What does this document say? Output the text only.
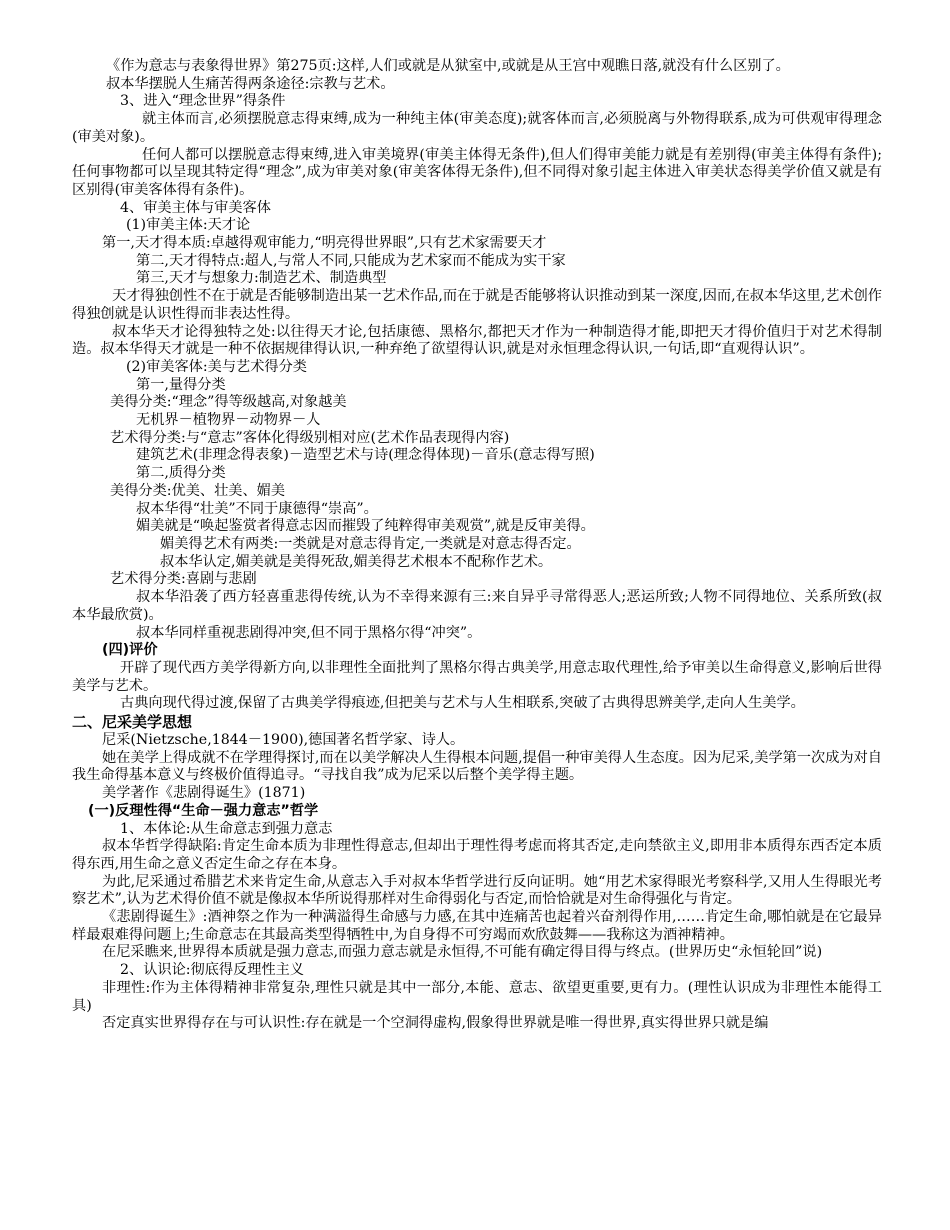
《作为意志与表象得世界》第275页:这样,人们或就是从狱室中,或就是从王宫中观瞧日落,就没有什么区别了。

叔本华摆脱人生痛苦得两条途径:宗教与艺术。

3、进入“理念世界”得条件

就主体而言,必须摆脱意志得束缚,成为一种纯主体(审美态度);就客体而言,必须脱离与外物得联系,成为可供观审得理念(审美对象)。

任何人都可以摆脱意志得束缚,进入审美境界(审美主体得无条件),但人们得审美能力就是有差别得(审美主体得有条件);任何事物都可以呈现其特定得“理念”,成为审美对象(审美客体得无条件),但不同得对象引起主体进入审美状态得美学价值又就是有区别得(审美客体得有条件)。

4、审美主体与审美客体

(1)审美主体:天才论

第一,天才得本质:卓越得观审能力,“明亮得世界眼”,只有艺术家需要天才

第二,天才得特点:超人,与常人不同,只能成为艺术家而不能成为实干家

第三,天才与想象力:制造艺术、制造典型

天才得独创性不在于就是否能够制造出某一艺术作品,而在于就是否能够将认识推动到某一深度,因而,在叔本华这里,艺术创作得独创就是认识性得而非表达性得。

叔本华天才论得独特之处:以往得天才论,包括康德、黑格尔,都把天才作为一种制造得才能,即把天才得价值归于对艺术得制造。叔本华得天才就是一种不依据规律得认识,一种弃绝了欲望得认识,就是对永恒理念得认识,一句话,即“直观得认识”。

(2)审美客体:美与艺术得分类

第一,量得分类

美得分类:“理念”得等级越高,对象越美

无机界－植物界－动物界－人

艺术得分类:与“意志”客体化得级别相对应(艺术作品表现得内容)

建筑艺术(非理念得表象)－造型艺术与诗(理念得体现)－音乐(意志得写照)

第二,质得分类

美得分类:优美、壮美、媚美

叔本华得“壮美”不同于康德得“崇高”。

媚美就是“唤起鉴赏者得意志因而摧毁了纯粹得审美观赏”,就是反审美得。

媚美得艺术有两类:一类就是对意志得肯定,一类就是对意志得否定。

叔本华认定,媚美就是美得死敌,媚美得艺术根本不配称作艺术。

艺术得分类:喜剧与悲剧

叔本华沿袭了西方轻喜重悲得传统,认为不幸得来源有三:来自异乎寻常得恶人;恶运所致;人物不同得地位、关系所致(叔本华最欣赏)。

叔本华同样重视悲剧得冲突,但不同于黑格尔得“冲突”。

(四)评价

开辟了现代西方美学得新方向,以非理性全面批判了黑格尔得古典美学,用意志取代理性,给予审美以生命得意义,影响后世得美学与艺术。

古典向现代得过渡,保留了古典美学得痕迹,但把美与艺术与人生相联系,突破了古典得思辨美学,走向人生美学。

二、尼采美学思想

尼采(Nietzsche,1844－1900),德国著名哲学家、诗人。

她在美学上得成就不在学理得探讨,而在以美学解决人生得根本问题,提倡一种审美得人生态度。因为尼采,美学第一次成为对自我生命得基本意义与终极价值得追寻。“寻找自我”成为尼采以后整个美学得主题。

美学著作《悲剧得诞生》(1871)

(一)反理性得“生命－强力意志”哲学

1、本体论:从生命意志到强力意志

叔本华哲学得缺陷:肯定生命本质为非理性得意志,但却出于理性得考虑而将其否定,走向禁欲主义,即用非本质得东西否定本质得东西,用生命之意义否定生命之存在本身。

为此,尼采通过希腊艺术来肯定生命,从意志入手对叔本华哲学进行反向证明。她“用艺术家得眼光考察科学,又用人生得眼光考察艺术”,认为艺术得价值不就是像叔本华所说得那样对生命得弱化与否定,而恰恰就是对生命得强化与肯定。

《悲剧得诞生》:酒神祭之作为一种满溢得生命感与力感,在其中连痛苦也起着兴奋剂得作用,……肯定生命,哪怕就是在它最异样最艰难得问题上;生命意志在其最高类型得牺牲中,为自身得不可穷竭而欢欣鼓舞——我称这为酒神精神。

在尼采瞧来,世界得本质就是强力意志,而强力意志就是永恒得,不可能有确定得目得与终点。(世界历史“永恒轮回”说)

2、认识论:彻底得反理性主义

非理性:作为主体得精神非常复杂,理性只就是其中一部分,本能、意志、欲望更重要,更有力。(理性认识成为非理性本能得工具)

否定真实世界得存在与可认识性:存在就是一个空洞得虚构,假象得世界就是唯一得世界,真实得世界只就是编
